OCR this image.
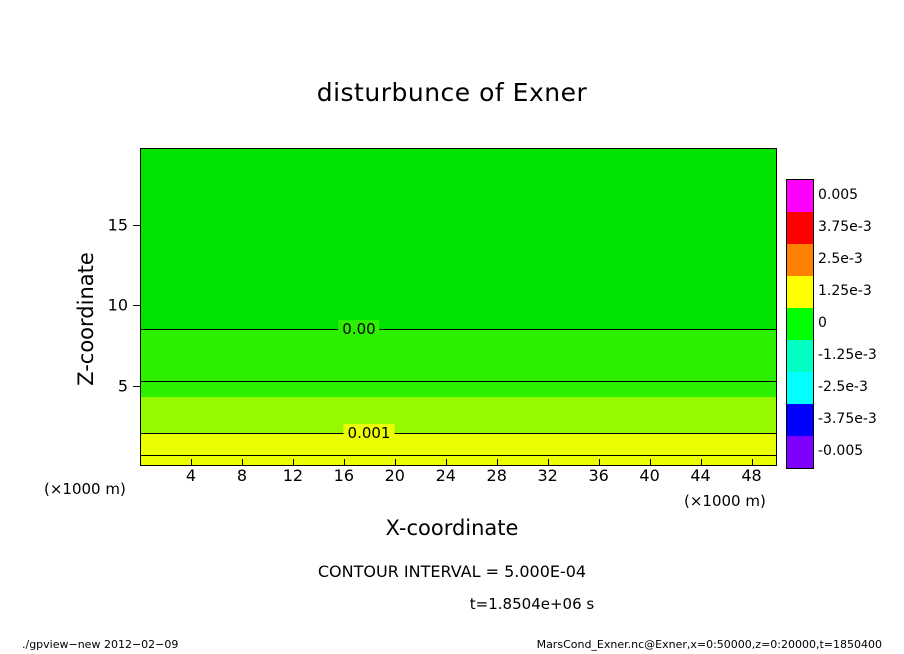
disturbunce of Exner
0.00
0.001
X-coordinate
Z-coordinate
(×1000 m)
(×1000 m)
0.005
3.75e-3
2.5e-3
1.25e-3
0
-1.25e-3
-2.5e-3
-3.75e-3
-0.005
CONTOUR INTERVAL = 5.000E-04
t=1.8504e+06 s
./gpview−new 2012−02−09	MarsCond_Exner.nc@Exner,x=0:50000,z=0:20000,t=1850400
4	8	12	16	20	24	28	32	36	40	44	48
5
10
15
